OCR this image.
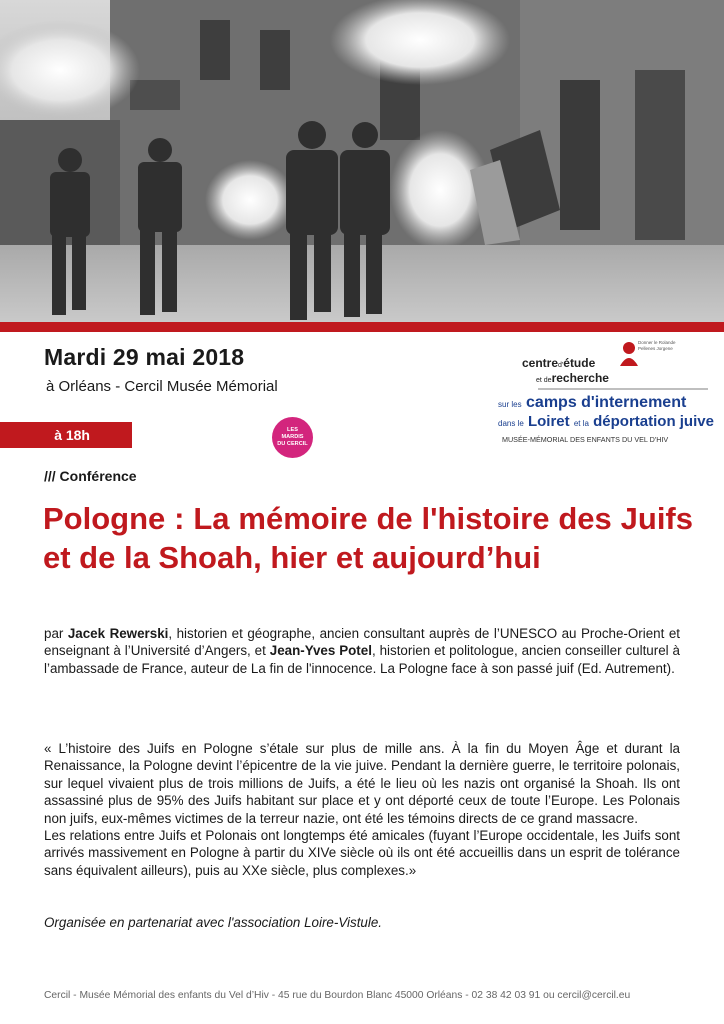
Mardi 29 mai 2018
à Orléans - Cercil Musée Mémorial
à 18h	LES
MARDIS
DU CERCIL
Donner le Rolande Pellenes Jorgene
centred'étude
et derecherche
sur les camps d'internement
dans le Loiret et la déportation juive
MUSÉE-MÉMORIAL DES ENFANTS DU VEL D'HIV
/// Conférence
Pologne : La mémoire de l'histoire des Juifs et de la Shoah, hier et aujourd’hui

par Jacek Rewerski, historien et géographe, ancien consultant auprès de l’UNESCO au Proche-Orient et enseignant à l’Université d’Angers, et Jean-Yves Potel, historien et politologue, ancien conseiller culturel à l’ambassade de France, auteur de La fin de l'innocence. La Pologne face à son passé juif (Ed. Autrement).

« L’histoire des Juifs en Pologne s’étale sur plus de mille ans. À la fin du Moyen Âge et durant la Renaissance, la Pologne devint l’épicentre de la vie juive. Pendant la dernière guerre, le territoire polonais, sur lequel vivaient plus de trois millions de Juifs, a été le lieu où les nazis ont organisé la Shoah. Ils ont assassiné plus de 95% des Juifs habitant sur place et y ont déporté ceux de toute l’Europe. Les Polonais non juifs, eux-mêmes victimes de la terreur nazie, ont été les témoins directs de ce grand massacre.
Les relations entre Juifs et Polonais ont longtemps été amicales (fuyant l’Europe occidentale, les Juifs sont arrivés massivement en Pologne à partir du XIVe siècle où ils ont été accueillis dans un esprit de tolérance sans équivalent ailleurs), puis au XXe siècle, plus complexes.»

Organisée en partenariat avec l'association Loire-Vistule.

Cercil - Musée Mémorial des enfants du Vel d’Hiv - 45 rue du Bourdon Blanc 45000 Orléans - 02 38 42 03 91 ou cercil@cercil.eu
